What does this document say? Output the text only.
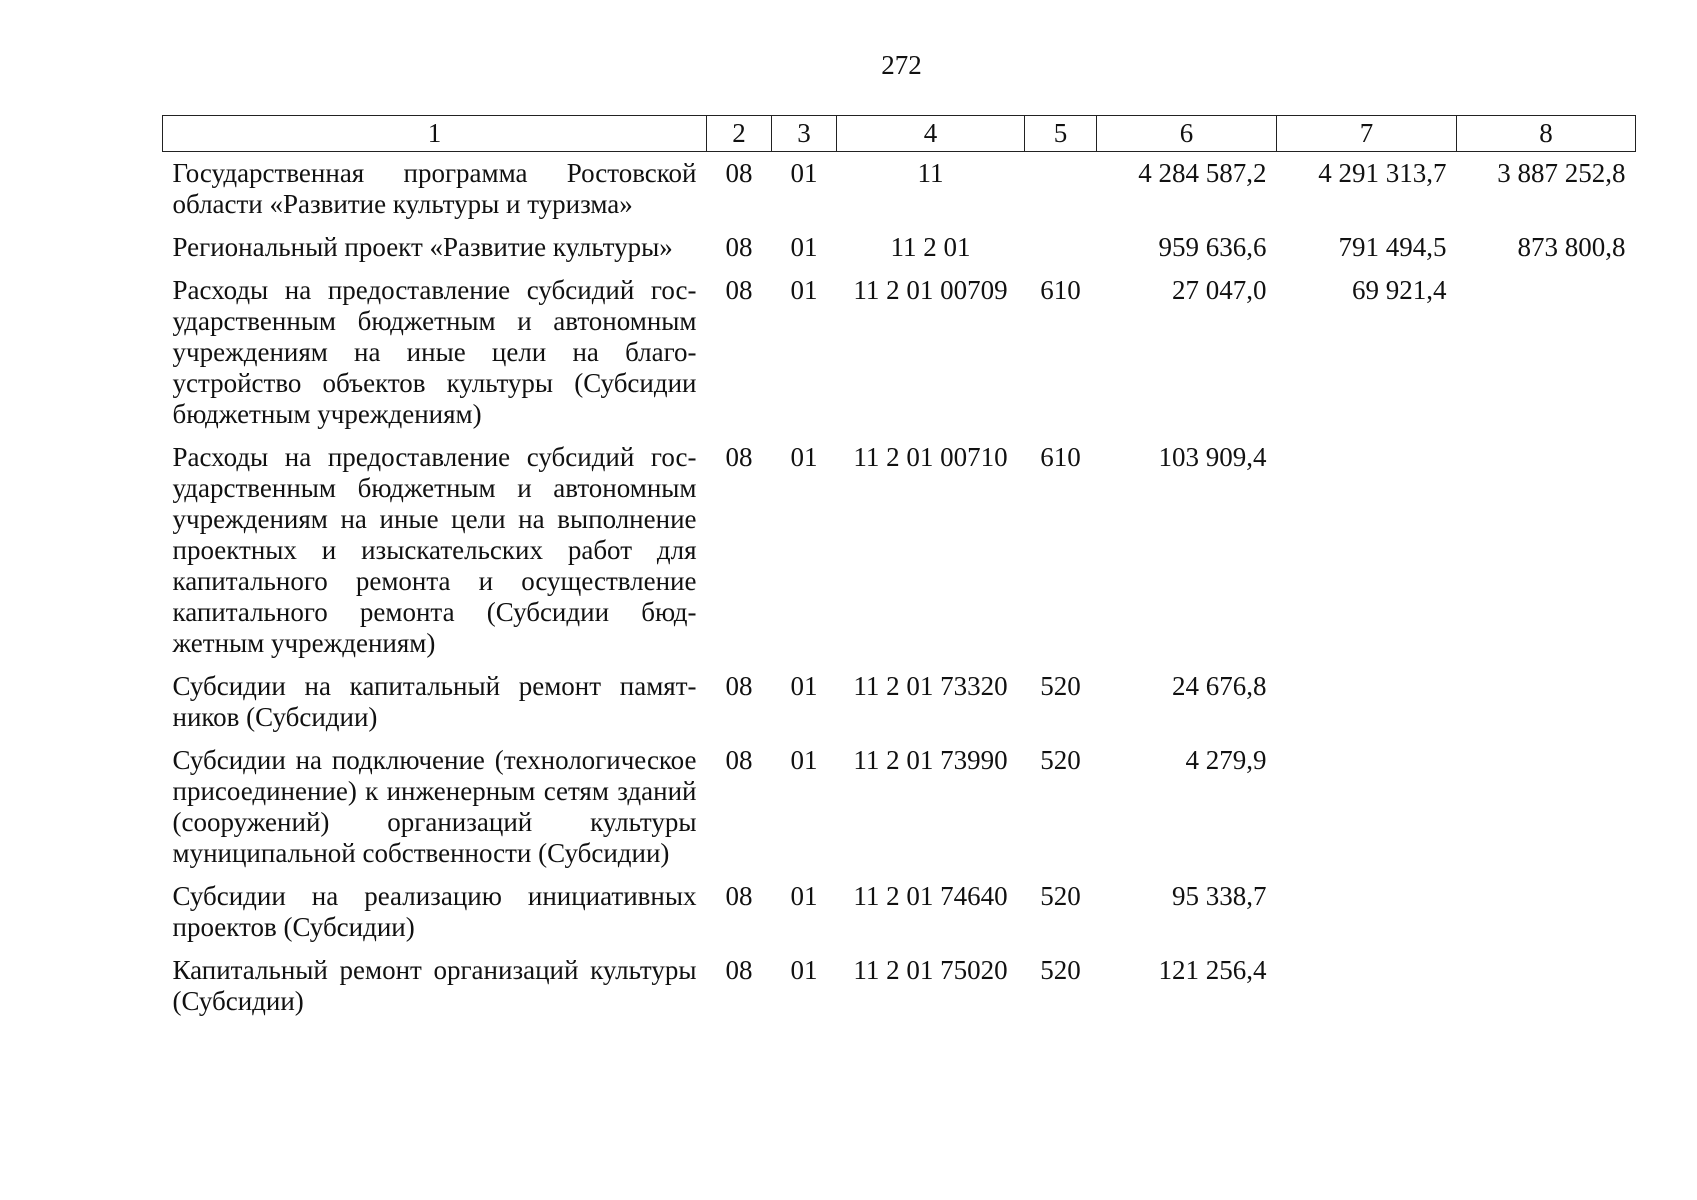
272
1	2	3	4	5	6	7	8
Государственная программа Ростовской области «Развитие культуры и туризма»	08	01	11		4 284 587,2	4 291 313,7	3 887 252,8
Региональный проект «Развитие культуры»	08	01	11 2 01		959 636,6	791 494,5	873 800,8
Расходы на предоставление субсидий государственным бюджетным и автономным учреждениям на иные цели на благоустройство объектов культуры (Субсидии бюджетным учреждениям)	08	01	11 2 01 00709	610	27 047,0	69 921,4	
Расходы на предоставление субсидий государственным бюджетным и автономным учреждениям на иные цели на выполнение проектных и изыскательских работ для капитального ремонта и осуществление капитального ремонта (Субсидии бюджетным учреждениям)	08	01	11 2 01 00710	610	103 909,4		
Субсидии на капитальный ремонт памятников (Субсидии)	08	01	11 2 01 73320	520	24 676,8		
Субсидии на подключение (технологическое присоединение) к инженерным сетям зданий (сооружений) организаций культуры муниципальной собственности (Субсидии)	08	01	11 2 01 73990	520	4 279,9		
Субсидии на реализацию инициативных проектов (Субсидии)	08	01	11 2 01 74640	520	95 338,7		
Капитальный ремонт организаций культуры (Субсидии)	08	01	11 2 01 75020	520	121 256,4		
